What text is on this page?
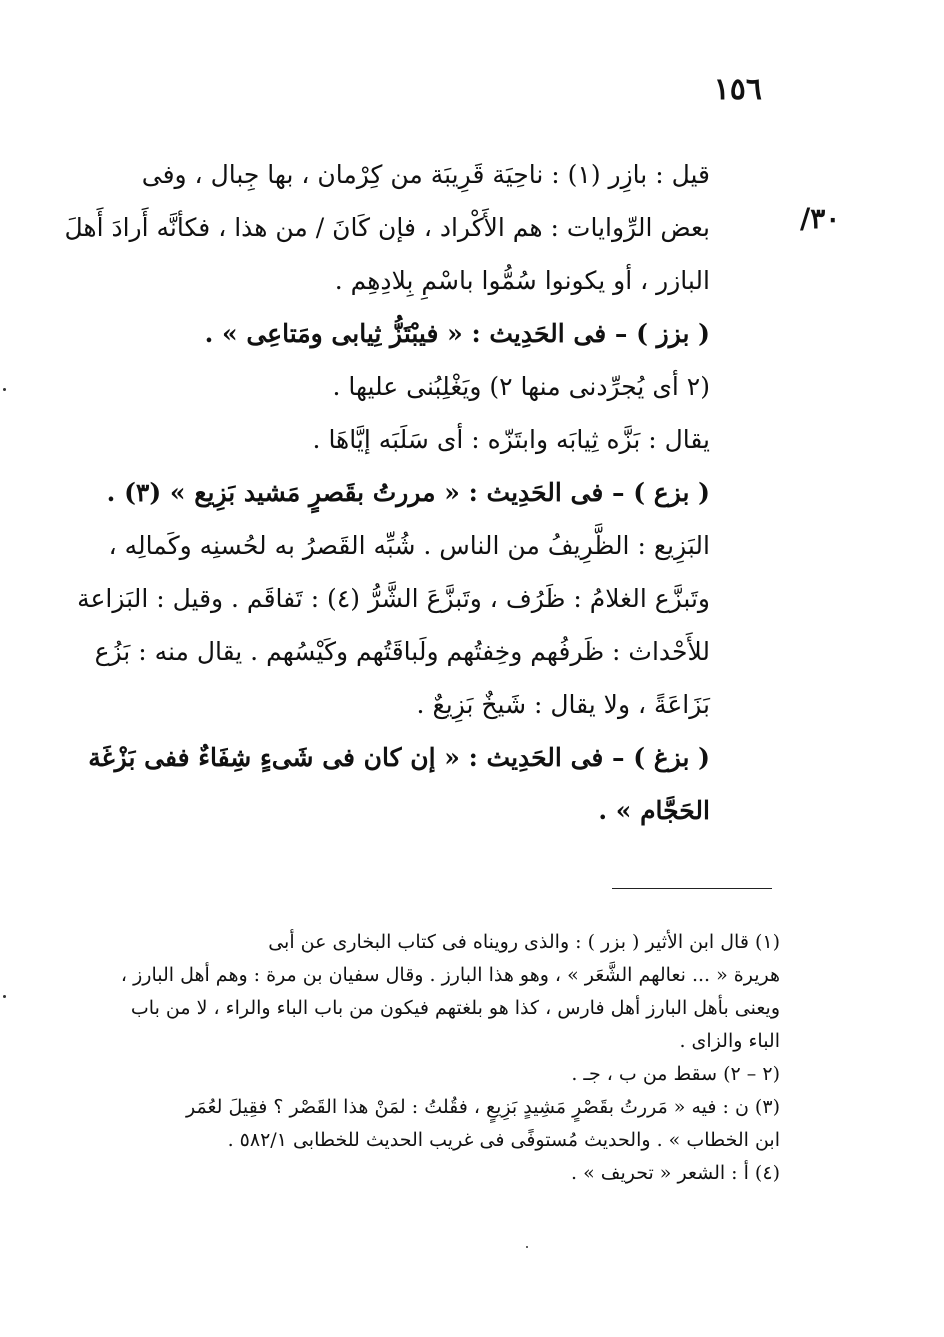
١٥٦
/٣٠
قيل : بازِر (١) : ناحِيَة قَرِيبَة من كِرْمان ، بها جِبال ، وفى
بعض الرِّوايات : هم الأَكْراد ، فإن كَانَ / من هذا ، فكأنَّه أَرادَ أَهلَ
البازر ، أو يكونوا سُمُّوا باسْمِ بِلادِهِم .
( بزز ) – فى الحَدِيث : « فيبْتَزُّ ثِيابى ومَتاعِى » .
(٢ أى يُجرِّدنى منها ٢) ويَغْلِبُنى عليها .
يقال : بَزَّه ثِيابَه وابتَزّه : أى سَلَبَه إيَّاهَا .
( بزع ) – فى الحَدِيث : « مررتُ بقَصرٍ مَشيد بَزِيع » (٣) .
البَزِيع : الظَّرِيفُ من الناس . شُبِّه القَصرُ به لحُسنِه وكَمالِه ،
وتَبزَّع الغلامُ : ظَرُف ، وتَبزَّعَ الشَّرُّ (٤) : تَفاقَم . وقيل : البَزاعة
للأَحْداث : ظَرفُهم وخِفتُهم ولَباقَتُهم وكَيْسُهم . يقال منه : بَزُع
بَزَاعَةً ، ولا يقال : شَيخٌ بَزِيعٌ .
( بزغ ) – فى الحَدِيث : « إن كان فى شَىءٍ شِفَاءٌ ففى بَزْغَة
الحَجَّام » .
(١) قال ابن الأثير ( بزر ) : والذى رويناه فى كتاب البخارى عن أبى
هريرة « ... نعالهم الشَّعَر » ، وهو هذا البارز . وقال سفيان بن مرة : وهم أهل البارز ،
ويعنى بأهل البارز أهل فارس ، كذا هو بلغتهم فيكون من باب الباء والراء ، لا من باب
الباء والزاى .
(٢ – ٢) سقط من ب ، جـ .
(٣) ن : فيه « مَررتُ بقَصْرٍ مَشِيدٍ بَزِيعٍ ، فقُلتُ : لمَنْ هذا القَصْر ؟ فقِيلَ لعُمَر
ابن الخطاب » . والحديث مُستوفًى فى غريب الحديث للخطابى ٥٨٢/١ .
(٤) أ : الشعر « تحريف » .
